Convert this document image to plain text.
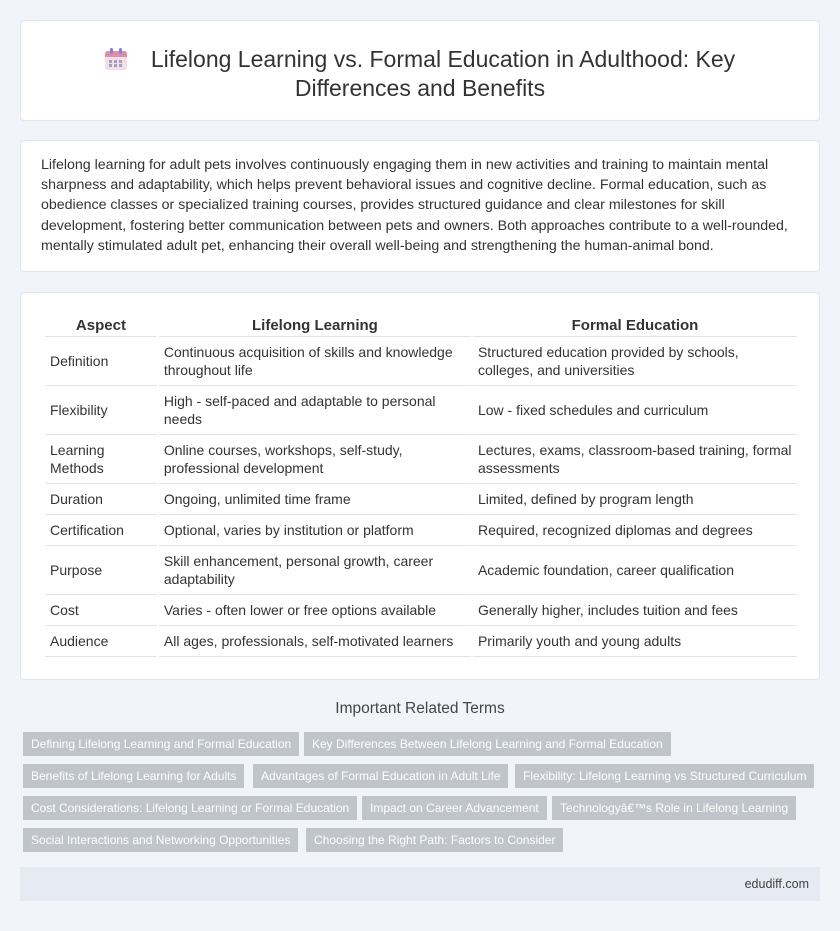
Lifelong Learning vs. Formal Education in Adulthood: Key Differences and Benefits

Lifelong learning for adult pets involves continuously engaging them in new activities and training to maintain mental sharpness and adaptability, which helps prevent behavioral issues and cognitive decline. Formal education, such as obedience classes or specialized training courses, provides structured guidance and clear milestones for skill development, fostering better communication between pets and owners. Both approaches contribute to a well-rounded, mentally stimulated adult pet, enhancing their overall well-being and strengthening the human-animal bond.

Aspect	Lifelong Learning	Formal Education
Definition	Continuous acquisition of skills and knowledge throughout life	Structured education provided by schools, colleges, and universities
Flexibility	High - self-paced and adaptable to personal needs	Low - fixed schedules and curriculum
Learning Methods	Online courses, workshops, self-study, professional development	Lectures, exams, classroom-based training, formal assessments
Duration	Ongoing, unlimited time frame	Limited, defined by program length
Certification	Optional, varies by institution or platform	Required, recognized diplomas and degrees
Purpose	Skill enhancement, personal growth, career adaptability	Academic foundation, career qualification
Cost	Varies - often lower or free options available	Generally higher, includes tuition and fees
Audience	All ages, professionals, self-motivated learners	Primarily youth and young adults
Important Related Terms
Defining Lifelong Learning and Formal Education	Key Differences Between Lifelong Learning and Formal Education
Benefits of Lifelong Learning for Adults	Advantages of Formal Education in Adult Life	Flexibility: Lifelong Learning vs Structured Curriculum
Cost Considerations: Lifelong Learning or Formal Education	Impact on Career Advancement	Technologyâ€™s Role in Lifelong Learning
Social Interactions and Networking Opportunities	Choosing the Right Path: Factors to Consider
edudiff.com
